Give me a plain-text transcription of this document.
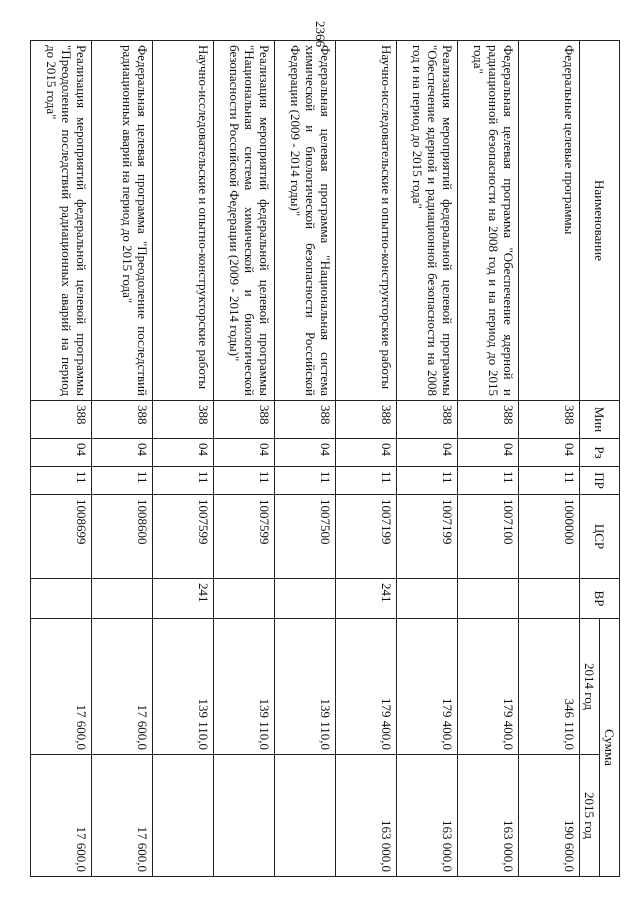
2366
Наименование	Мин	Рз	ПР	ЦСР	ВР	Сумма	
						2014 год	2015 год
Федеральные целевые программы	388	04	11	1000000		346 110,0	190 600,0
Федеральная целевая программа "Обеспечение ядерной и радиационной безопасности на 2008 год и на период до 2015 года"	388	04	11	1007100		179 400,0	163 000,0
Реализация мероприятий федеральной целевой программы "Обеспечение ядерной и радиационной безопасности на 2008 год и на период до 2015 года"	388	04	11	1007199		179 400,0	163 000,0
Научно-исследовательские и опытно-конструкторские работы	388	04	11	1007199	241	179 400,0	163 000,0
Федеральная целевая программа "Национальная система химической и биологической безопасности Российской Федерации (2009 - 2014 годы)"	388	04	11	1007500		139 110,0	
Реализация мероприятий федеральной целевой программы "Национальная система химической и биологической безопасности Российской Федерации (2009 - 2014 годы)"	388	04	11	1007599		139 110,0	
Научно-исследовательские и опытно-конструкторские работы	388	04	11	1007599	241	139 110,0	
Федеральная целевая программа "Преодоление последствий радиационных аварий на период до 2015 года"	388	04	11	1008600		17 600,0	17 600,0
Реализация мероприятий федеральной целевой программы "Преодоление последствий радиационных аварий на период до 2015 года"	388	04	11	1008699		17 600,0	17 600,0
